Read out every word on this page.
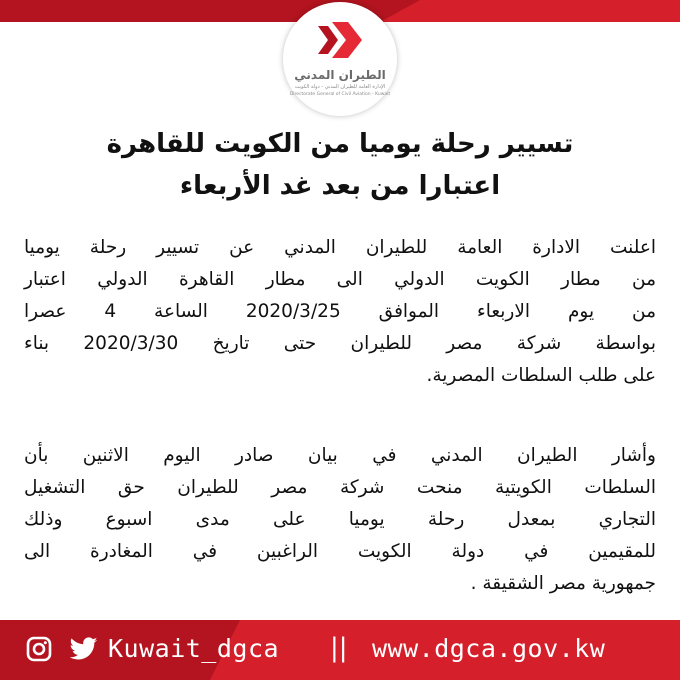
الطيران المدني
الإدارة العامة للطيران المدني - دولة الكويت
Directorate General of Civil Aviation - Kuwait
تسيير رحلة يوميا من الكويت للقاهرة
اعتبارا من بعد غد الأربعاء
اعلنت الادارة العامة للطيران المدني عن تسيير رحلة يوميا
من مطار الكويت الدولي الى مطار القاهرة الدولي اعتبار
من يوم الاربعاء الموافق 2020/3/25 الساعة 4 عصرا
بواسطة شركة مصر للطيران حتى تاريخ 2020/3/30 بناء
على طلب السلطات المصرية.
وأشار الطيران المدني في بيان صادر اليوم الاثنين بأن
السلطات الكويتية منحت شركة مصر للطيران حق التشغيل
التجاري بمعدل رحلة يوميا على مدى اسبوع وذلك
للمقيمين في دولة الكويت الراغبين في المغادرة الى
جمهورية مصر الشقيقة .
Kuwait_dgca || www.dgca.gov.kw
